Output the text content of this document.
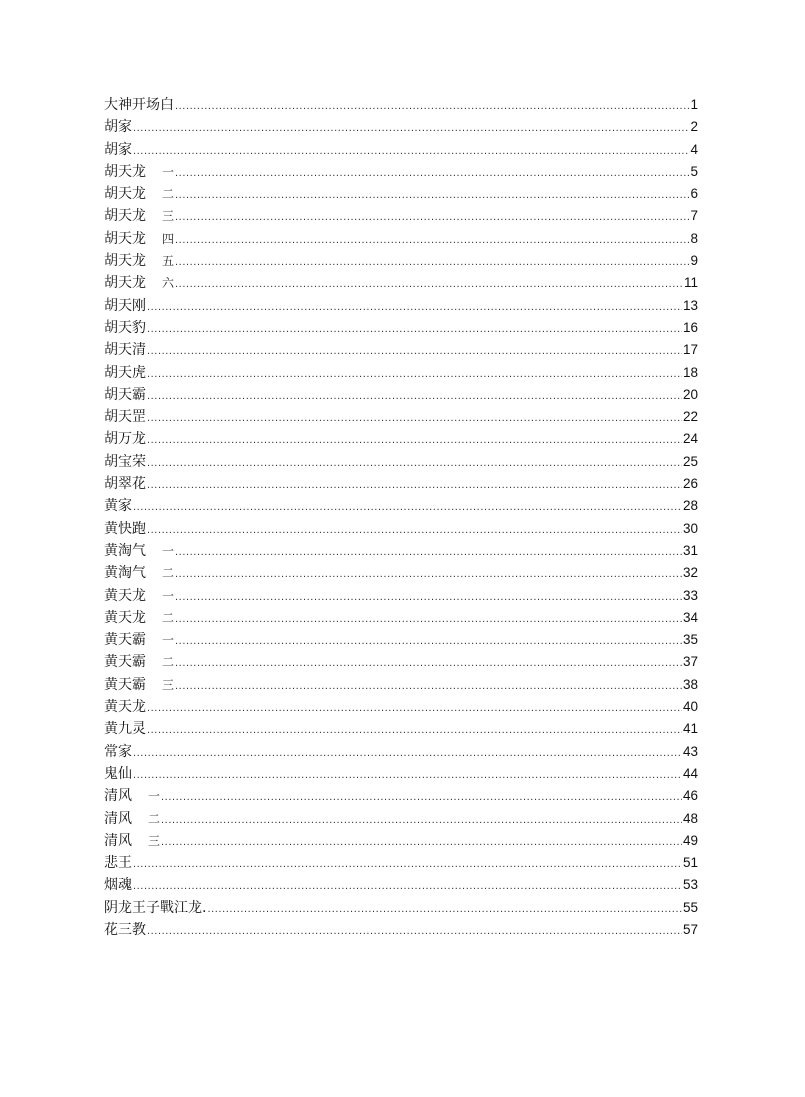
大神开场白 .....	1
胡家 .....	2
胡家 .....	4
胡天龙 一 .....	5
胡天龙 二 .....	6
胡天龙 三 .....	7
胡天龙 四 .....	8
胡天龙 五 .....	9
胡天龙 六 .....	11
胡天刚 .....	13
胡天豹 .....	16
胡天清 .....	17
胡天虎 .....	18
胡天霸 .....	20
胡天罡 .....	22
胡万龙 .....	24
胡宝荣 .....	25
胡翠花 .....	26
黄家 .....	28
黄快跑 .....	30
黄淘气 一 .....	31
黄淘气 二 .....	32
黄天龙 一 .....	33
黄天龙 二 .....	34
黄天霸 一 .....	35
黄天霸 二 .....	37
黄天霸 三 .....	38
黄天龙 .....	40
黄九灵 .....	41
常家 .....	43
鬼仙 .....	44
清风 一 .....	46
清风 二 .....	48
清风 三 .....	49
悲王 .....	51
烟魂 .....	53
阴龙王子戰江龙. .....	55
花三教 .....	57
